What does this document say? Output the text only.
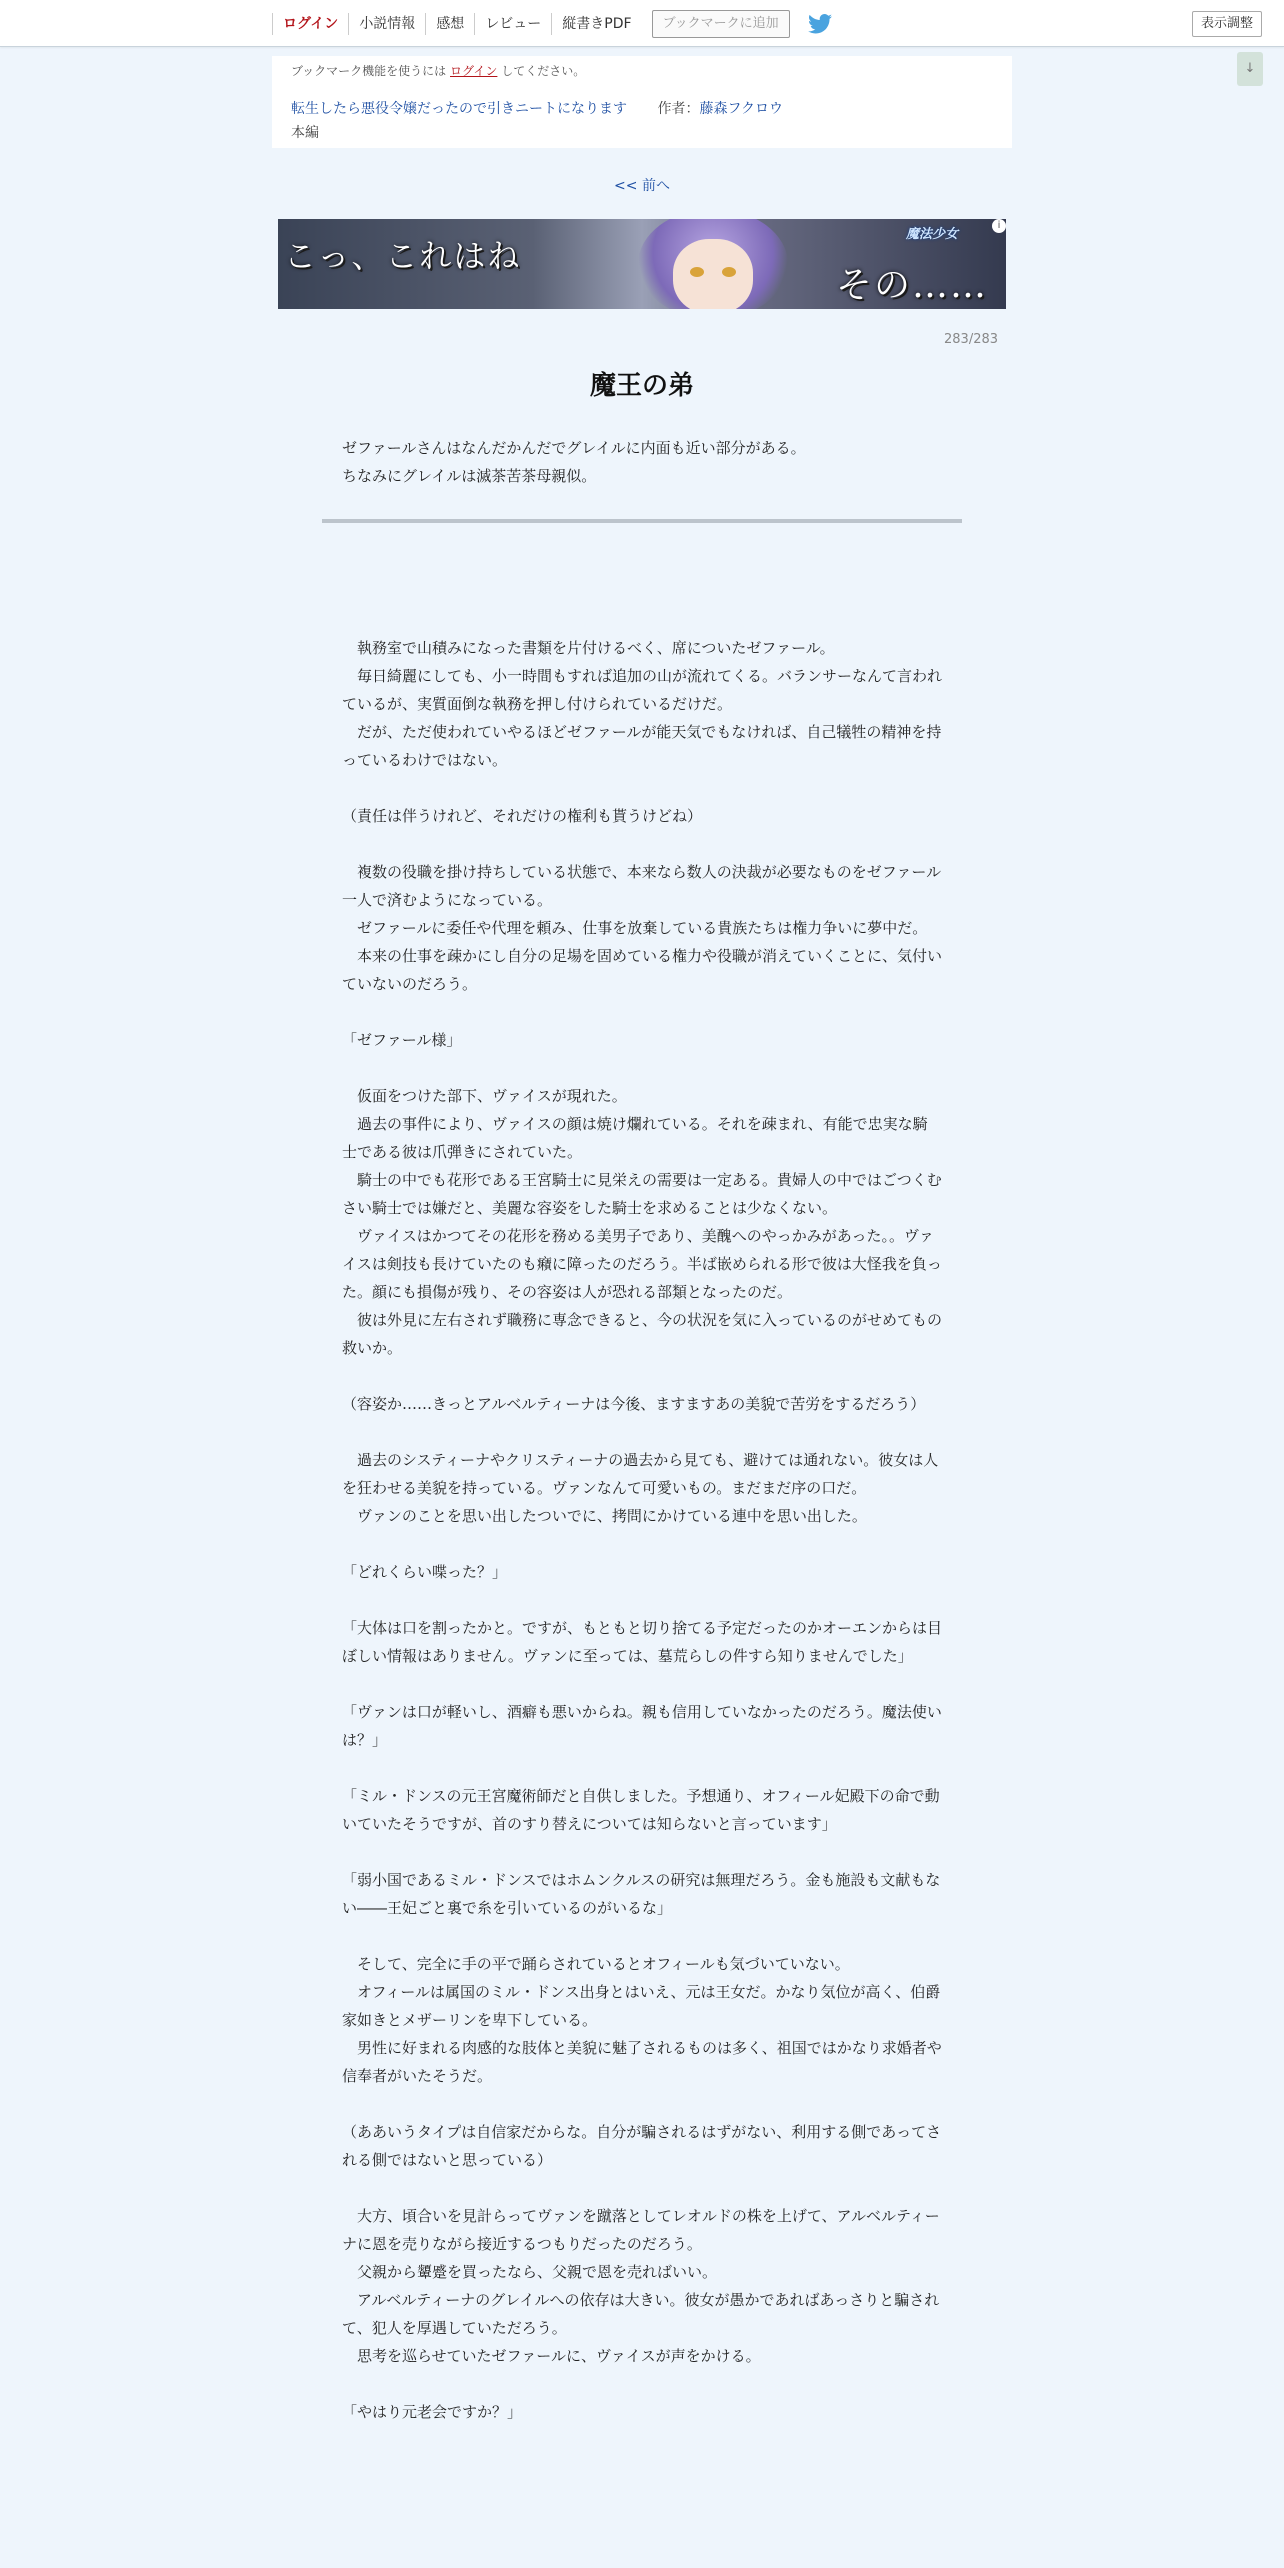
ログイン	小説情報	感想	レビュー	縦書きPDF	ブックマークに追加	表示調整
↓
ブックマーク機能を使うには ログイン してください。
転生したら悪役令嬢だったので引きニートになります 作者：藤森フクロウ
本編
<< 前へ
こっ、これはね
その……
魔法少女
i
283/283
魔王の弟

ゼファールさんはなんだかんだでグレイルに内面も近い部分がある。

ちなみにグレイルは滅茶苦茶母親似。

　執務室で山積みになった書類を片付けるべく、席についたゼファール。

　毎日綺麗にしても、小一時間もすれば追加の山が流れてくる。バランサーなんて言われているが、実質面倒な執務を押し付けられているだけだ。

　だが、ただ使われていやるほどゼファールが能天気でもなければ、自己犠牲の精神を持っているわけではない。

（責任は伴うけれど、それだけの権利も貰うけどね）

　複数の役職を掛け持ちしている状態で、本来なら数人の決裁が必要なものをゼファール一人で済むようになっている。

　ゼファールに委任や代理を頼み、仕事を放棄している貴族たちは権力争いに夢中だ。

　本来の仕事を疎かにし自分の足場を固めている権力や役職が消えていくことに、気付いていないのだろう。

「ゼファール様」

　仮面をつけた部下、ヴァイスが現れた。

　過去の事件により、ヴァイスの顔は焼け爛れている。それを疎まれ、有能で忠実な騎士である彼は爪弾きにされていた。

　騎士の中でも花形である王宮騎士に見栄えの需要は一定ある。貴婦人の中ではごつくむさい騎士では嫌だと、美麗な容姿をした騎士を求めることは少なくない。

　ヴァイスはかつてその花形を務める美男子であり、美醜へのやっかみがあった。。ヴァイスは剣技も長けていたのも癪に障ったのだろう。半ば嵌められる形で彼は大怪我を負った。顔にも損傷が残り、その容姿は人が恐れる部類となったのだ。

　彼は外見に左右されず職務に専念できると、今の状況を気に入っているのがせめてもの救いか。

（容姿か……きっとアルベルティーナは今後、ますますあの美貌で苦労をするだろう）

　過去のシスティーナやクリスティーナの過去から見ても、避けては通れない。彼女は人を狂わせる美貌を持っている。ヴァンなんて可愛いもの。まだまだ序の口だ。

　ヴァンのことを思い出したついでに、拷問にかけている連中を思い出した。

「どれくらい喋った？」

「大体は口を割ったかと。ですが、もともと切り捨てる予定だったのかオーエンからは目ぼしい情報はありません。ヴァンに至っては、墓荒らしの件すら知りませんでした」

「ヴァンは口が軽いし、酒癖も悪いからね。親も信用していなかったのだろう。魔法使いは？」

「ミル・ドンスの元王宮魔術師だと自供しました。予想通り、オフィール妃殿下の命で動いていたそうですが、首のすり替えについては知らないと言っています」

「弱小国であるミル・ドンスではホムンクルスの研究は無理だろう。金も施設も文献もない――王妃ごと裏で糸を引いているのがいるな」

　そして、完全に手の平で踊らされているとオフィールも気づいていない。

　オフィールは属国のミル・ドンス出身とはいえ、元は王女だ。かなり気位が高く、伯爵家如きとメザーリンを卑下している。

　男性に好まれる肉感的な肢体と美貌に魅了されるものは多く、祖国ではかなり求婚者や信奉者がいたそうだ。

（ああいうタイプは自信家だからな。自分が騙されるはずがない、利用する側であってされる側ではないと思っている）

　大方、頃合いを見計らってヴァンを蹴落としてレオルドの株を上げて、アルベルティーナに恩を売りながら接近するつもりだったのだろう。

　父親から顰蹙を買ったなら、父親で恩を売ればいい。

　アルベルティーナのグレイルへの依存は大きい。彼女が愚かであればあっさりと騙されて、犯人を厚遇していただろう。

　思考を巡らせていたゼファールに、ヴァイスが声をかける。

「やはり元老会ですか？」
